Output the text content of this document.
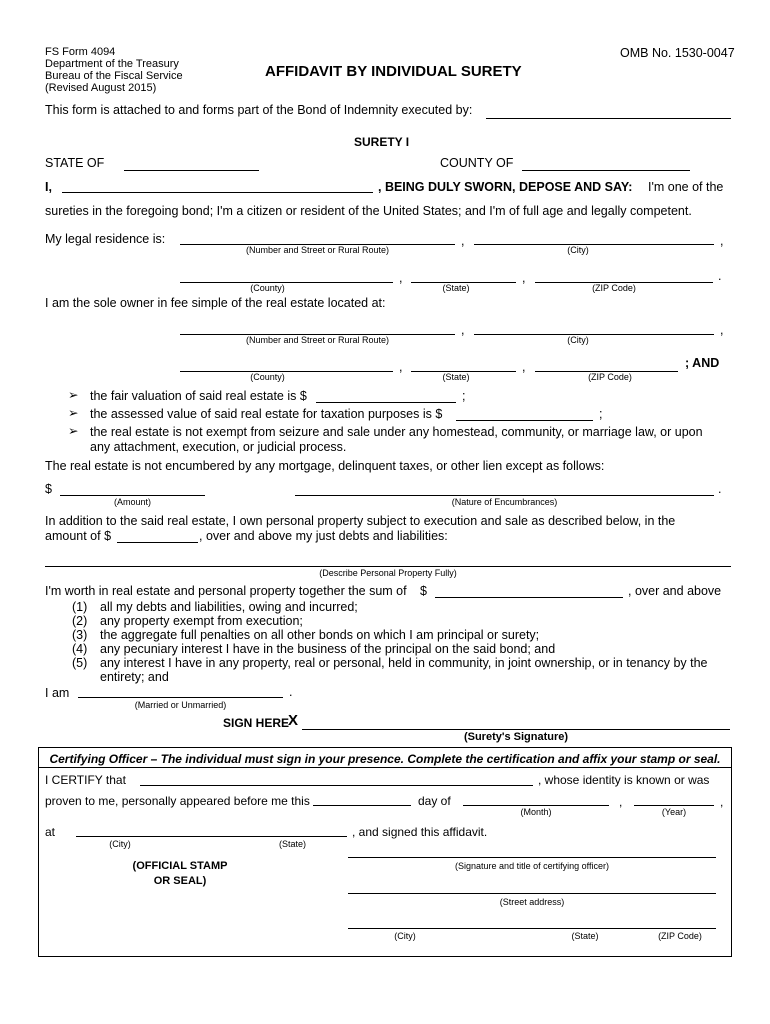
FS Form 4094
Department of the Treasury
Bureau of the Fiscal Service
(Revised August 2015)
AFFIDAVIT BY INDIVIDUAL SURETY
OMB No. 1530-0047
This form is attached to and forms part of the Bond of Indemnity executed by:
SURETY I
STATE OF	COUNTY OF
I,	, BEING DULY SWORN, DEPOSE AND SAY: I'm one of the
sureties in the foregoing bond; I'm a citizen or resident of the United States; and I'm of full age and legally competent.
My legal residence is:	,	,
(Number and Street or Rural Route)	(City)
,	,	.
(County)	(State)	(ZIP Code)
I am the sole owner in fee simple of the real estate located at:
,	,
(Number and Street or Rural Route)	(City)
,	,	; AND
(County)	(State)	(ZIP Code)
➢ the fair valuation of said real estate is $	;
➢ the assessed value of said real estate for taxation purposes is $	;
➢ the real estate is not exempt from seizure and sale under any homestead, community, or marriage law, or upon
any attachment, execution, or judicial process.
The real estate is not encumbered by any mortgage, delinquent taxes, or other lien except as follows:
$	.
(Amount)	(Nature of Encumbrances)
In addition to the said real estate, I own personal property subject to execution and sale as described below, in the
amount of $	, over and above my just debts and liabilities:
(Describe Personal Property Fully)
I'm worth in real estate and personal property together the sum of $	, over and above
(1) all my debts and liabilities, owing and incurred;
(2) any property exempt from execution;
(3) the aggregate full penalties on all other bonds on which I am principal or surety;
(4) any pecuniary interest I have in the business of the principal on the said bond; and
(5) any interest I have in any property, real or personal, held in community, in joint ownership, or in tenancy by the
entirety; and
I am	.
(Married or Unmarried)
SIGN HERE
X
(Surety's Signature)
Certifying Officer – The individual must sign in your presence. Complete the certification and affix your stamp or seal.
I CERTIFY that	, whose identity is known or was
proven to me, personally appeared before me this	day of	,	,
(Month)	(Year)
at	, and signed this affidavit.
(City)	(State)
(OFFICIAL STAMP
OR SEAL)
(Signature and title of certifying officer)
(Street address)
(City)	(State)	(ZIP Code)
